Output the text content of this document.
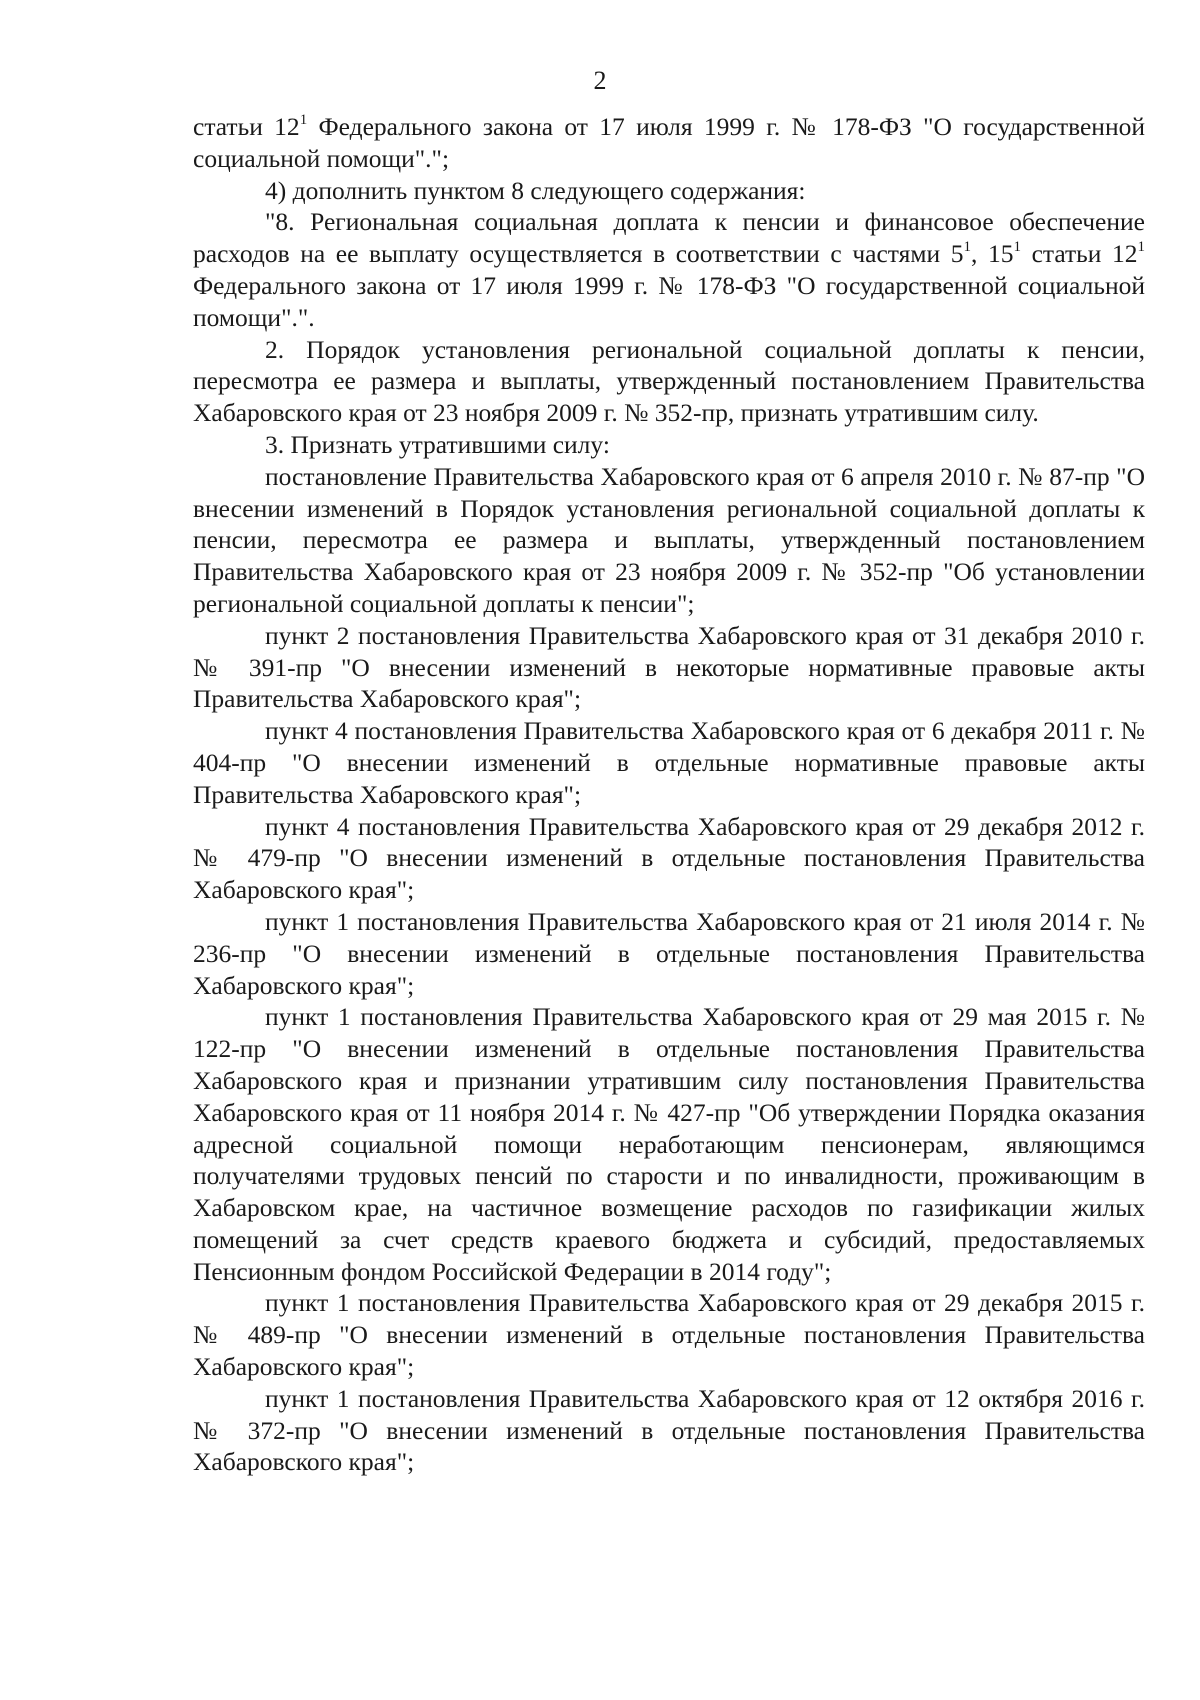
2

статьи $12^1$ Федерального закона от 17 июля 1999 г. № 178-ФЗ "О государственной социальной помощи".";

4) дополнить пунктом 8 следующего содержания:

"8. Региональная социальная доплата к пенсии и финансовое обеспечение расходов на ее выплату осуществляется в соответствии с частями $5^1$, $15^1$ статьи $12^1$ Федерального закона от 17 июля 1999 г. № 178-ФЗ "О государственной социальной помощи".".

2. Порядок установления региональной социальной доплаты к пенсии, пересмотра ее размера и выплаты, утвержденный постановлением Правительства Хабаровского края от 23 ноября 2009 г. № 352-пр, признать утратившим силу.

3. Признать утратившими силу:

постановление Правительства Хабаровского края от 6 апреля 2010 г. № 87-пр "О внесении изменений в Порядок установления региональной социальной доплаты к пенсии, пересмотра ее размера и выплаты, утвержденный постановлением Правительства Хабаровского края от 23 ноября 2009 г. № 352-пр "Об установлении региональной социальной доплаты к пенсии";

пункт 2 постановления Правительства Хабаровского края от 31 декабря 2010 г. № 391-пр "О внесении изменений в некоторые нормативные правовые акты Правительства Хабаровского края";

пункт 4 постановления Правительства Хабаровского края от 6 декабря 2011 г. № 404-пр "О внесении изменений в отдельные нормативные правовые акты Правительства Хабаровского края";

пункт 4 постановления Правительства Хабаровского края от 29 декабря 2012 г. № 479-пр "О внесении изменений в отдельные постановления Правительства Хабаровского края";

пункт 1 постановления Правительства Хабаровского края от 21 июля 2014 г. № 236-пр "О внесении изменений в отдельные постановления Правительства Хабаровского края";

пункт 1 постановления Правительства Хабаровского края от 29 мая 2015 г. № 122-пр "О внесении изменений в отдельные постановления Правительства Хабаровского края и признании утратившим силу постановления Правительства Хабаровского края от 11 ноября 2014 г. № 427-пр "Об утверждении Порядка оказания адресной социальной помощи неработающим пенсионерам, являющимся получателями трудовых пенсий по старости и по инвалидности, проживающим в Хабаровском крае, на частичное возмещение расходов по газификации жилых помещений за счет средств краевого бюджета и субсидий, предоставляемых Пенсионным фондом Российской Федерации в 2014 году";

пункт 1 постановления Правительства Хабаровского края от 29 декабря 2015 г. № 489-пр "О внесении изменений в отдельные постановления Правительства Хабаровского края";

пункт 1 постановления Правительства Хабаровского края от 12 октября 2016 г. № 372-пр "О внесении изменений в отдельные постановления Правительства Хабаровского края";
